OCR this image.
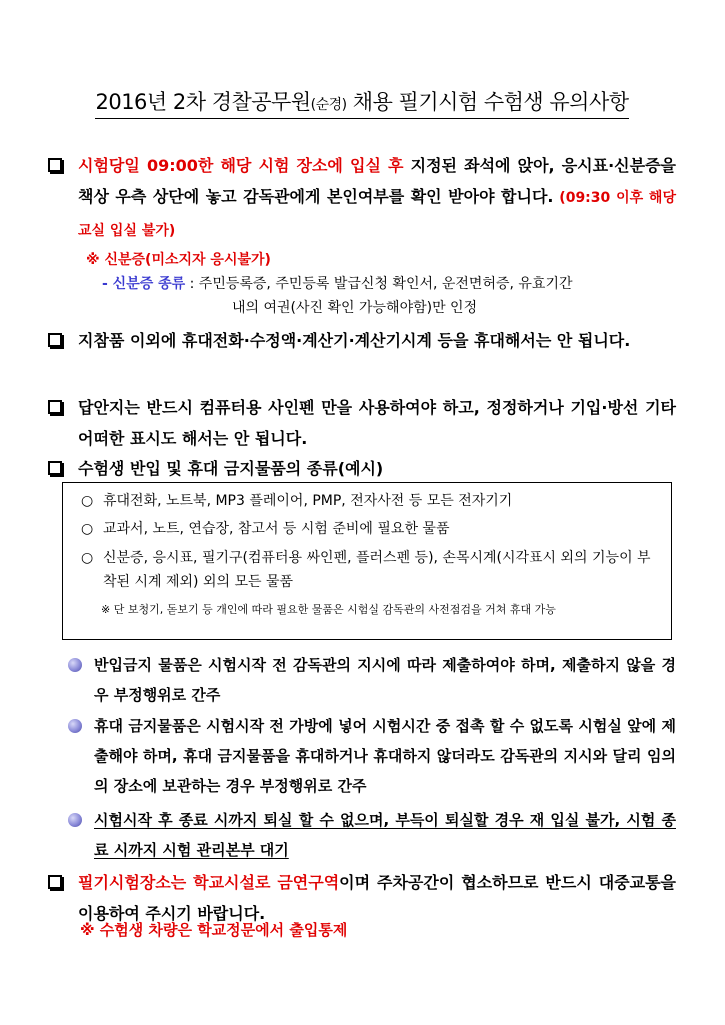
2016년 2차 경찰공무원(순경) 채용 필기시험 수험생 유의사항
시험당일 09:00한 해당 시험 장소에 입실 후 지정된 좌석에 앉아, 응시표·신분증을 책상 우측 상단에 놓고 감독관에게 본인여부를 확인 받아야 합니다. (09:30 이후 해당교실 입실 불가)
※ 신분증(미소지자 응시불가)
- 신분증 종류 : 주민등록증, 주민등록 발급신청 확인서, 운전면허증, 유효기간
내의 여권(사진 확인 가능해야함)만 인정
지참품 이외에 휴대전화·수정액·계산기·계산기시계 등을 휴대해서는 안 됩니다.
답안지는 반드시 컴퓨터용 사인펜 만을 사용하여야 하고, 정정하거나 기입·방선 기타 어떠한 표시도 해서는 안 됩니다.
수험생 반입 및 휴대 금지물품의 종류(예시)
○ 휴대전화, 노트북, MP3 플레이어, PMP, 전자사전 등 모든 전자기기
○ 교과서, 노트, 연습장, 참고서 등 시험 준비에 필요한 물품
○ 신분증, 응시표, 필기구(컴퓨터용 싸인펜, 플러스펜 등), 손목시계(시각표시 외의 기능이 부착된 시계 제외) 외의 모든 물품
※ 단 보청기, 돋보기 등 개인에 따라 필요한 물품은 시험실 감독관의 사전점검을 거쳐 휴대 가능
반입금지 물품은 시험시작 전 감독관의 지시에 따라 제출하여야 하며, 제출하지 않을 경우 부정행위로 간주
휴대 금지물품은 시험시작 전 가방에 넣어 시험시간 중 접촉 할 수 없도록 시험실 앞에 제출해야 하며, 휴대 금지물품을 휴대하거나 휴대하지 않더라도 감독관의 지시와 달리 임의의 장소에 보관하는 경우 부정행위로 간주
시험시작 후 종료 시까지 퇴실 할 수 없으며, 부득이 퇴실할 경우 재 입실 불가, 시험 종료 시까지 시험 관리본부 대기
필기시험장소는 학교시설로 금연구역이며 주차공간이 협소하므로 반드시 대중교통을 이용하여 주시기 바랍니다.
※ 수험생 차량은 학교정문에서 출입통제
